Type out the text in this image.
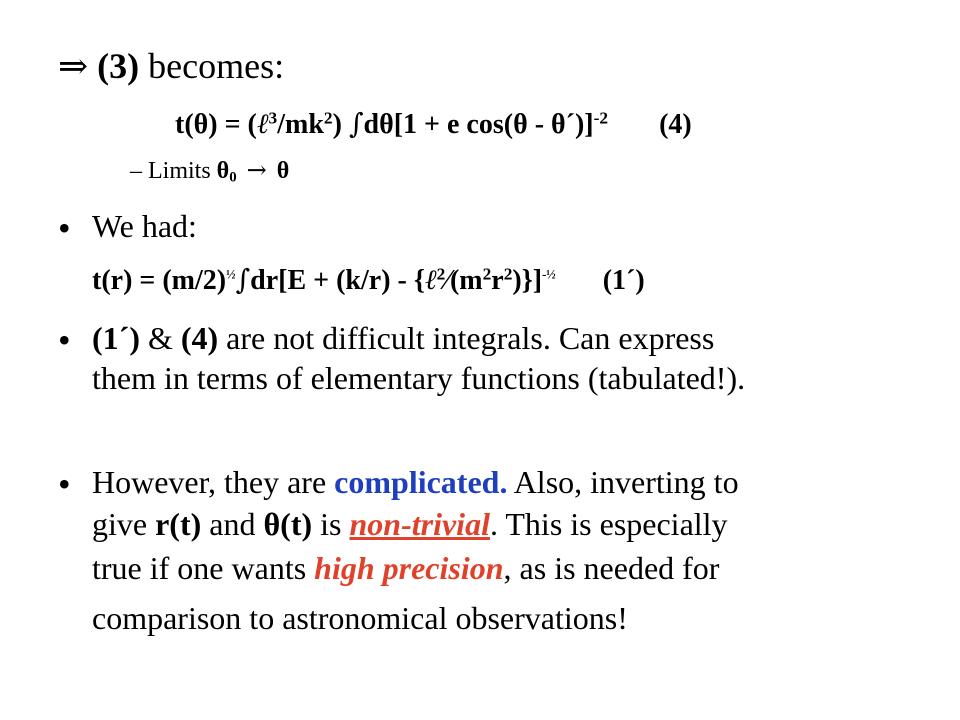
⇒ (3) becomes:
$t(\theta) = (\ell^3/mk^2) \int d\theta[1 + e$ cos(θ - θ´)]$^{-2}$ (4)
– Limits $\theta_0 \to \theta$
• We had:
$t(r) = (m/2)^{\frac{1}{2}}\int dr[E + (k/r)$ - $\{\ell^2⁄(m^2r^2)\}]^{-\frac{1}{2}}$ (1´)
• (1´) & (4) are not difficult integrals. Can express
them in terms of elementary functions (tabulated!).
• However, they are complicated. Also, inverting to
give r(t) and θ(t) is non-trivial. This is especially
true if one wants high precision, as is needed for
comparison to astronomical observations!
